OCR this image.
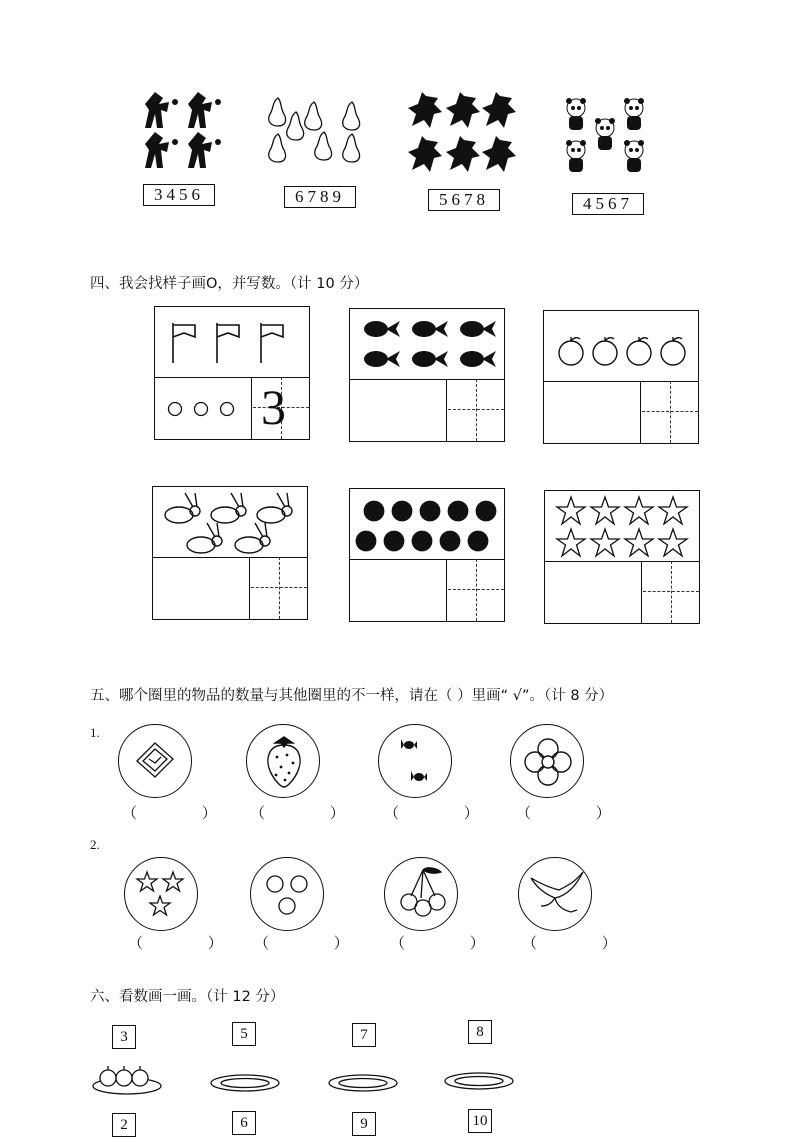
3456	6789	5678	4567
四、我会找样子画O，并写数。（计 10 分）
3
五、哪个圈里的物品的数量与其他圈里的不一样，请在（ ）里画“ √”。（计 8 分）
1.
（ ） （ ） （ ） （ ）
2.
（ ） （ ） （ ） （ ）
六、看数画一画。（计 12 分）
3	5	7	8
2	6	9	10
